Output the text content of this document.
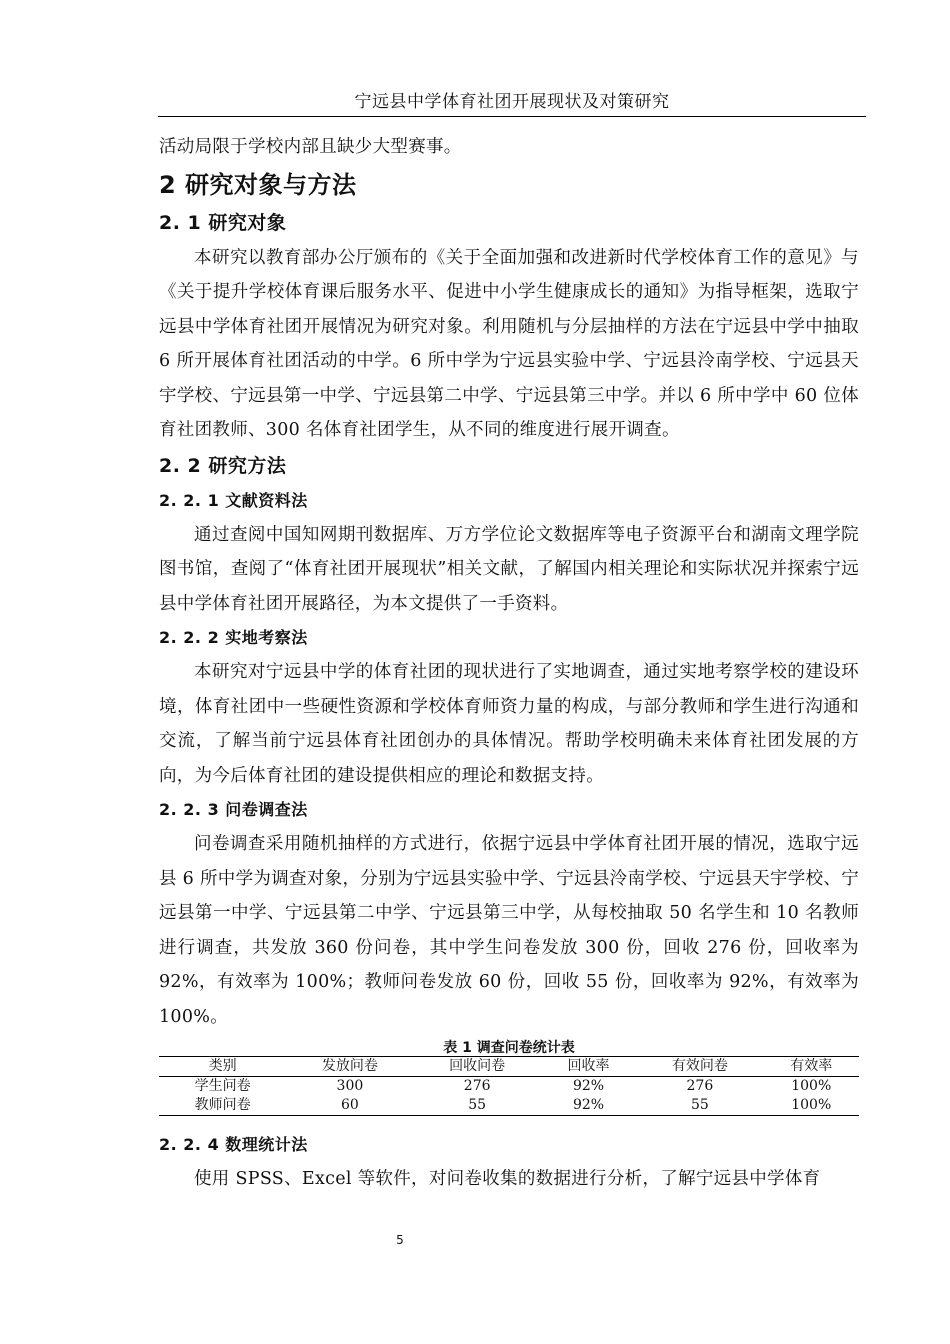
宁远县中学体育社团开展现状及对策研究

活动局限于学校内部且缺少大型赛事。

2 研究对象与方法
2. 1 研究对象

本研究以教育部办公厅颁布的《关于全面加强和改进新时代学校体育工作的意见》与《关于提升学校体育课后服务水平、促进中小学生健康成长的通知》为指导框架，选取宁远县中学体育社团开展情况为研究对象。利用随机与分层抽样的方法在宁远县中学中抽取 6 所开展体育社团活动的中学。6 所中学为宁远县实验中学、宁远县泠南学校、宁远县天宇学校、宁远县第一中学、宁远县第二中学、宁远县第三中学。并以 6 所中学中 60 位体育社团教师、300 名体育社团学生，从不同的维度进行展开调查。

2. 2 研究方法
2. 2. 1 文献资料法

通过查阅中国知网期刊数据库、万方学位论文数据库等电子资源平台和湖南文理学院图书馆，查阅了“体育社团开展现状”相关文献，了解国内相关理论和实际状况并探索宁远县中学体育社团开展路径，为本文提供了一手资料。

2. 2. 2 实地考察法

本研究对宁远县中学的体育社团的现状进行了实地调查，通过实地考察学校的建设环境，体育社团中一些硬性资源和学校体育师资力量的构成，与部分教师和学生进行沟通和交流，了解当前宁远县体育社团创办的具体情况。帮助学校明确未来体育社团发展的方向，为今后体育社团的建设提供相应的理论和数据支持。

2. 2. 3 问卷调查法

问卷调查采用随机抽样的方式进行，依据宁远县中学体育社团开展的情况，选取宁远县 6 所中学为调查对象，分别为宁远县实验中学、宁远县泠南学校、宁远县天宇学校、宁远县第一中学、宁远县第二中学、宁远县第三中学，从每校抽取 50 名学生和 10 名教师进行调查，共发放 360 份问卷，其中学生问卷发放 300 份，回收 276 份，回收率为 92%，有效率为 100%；教师问卷发放 60 份，回收 55 份，回收率为 92%，有效率为 100%。

表 1 调查问卷统计表
类别	发放问卷	回收问卷	回收率	有效问卷	有效率
学生问卷	300	276	92%	276	100%
教师问卷	60	55	92%	55	100%
2. 2. 4 数理统计法

使用 SPSS、Excel 等软件，对问卷收集的数据进行分析，了解宁远县中学体育

5
